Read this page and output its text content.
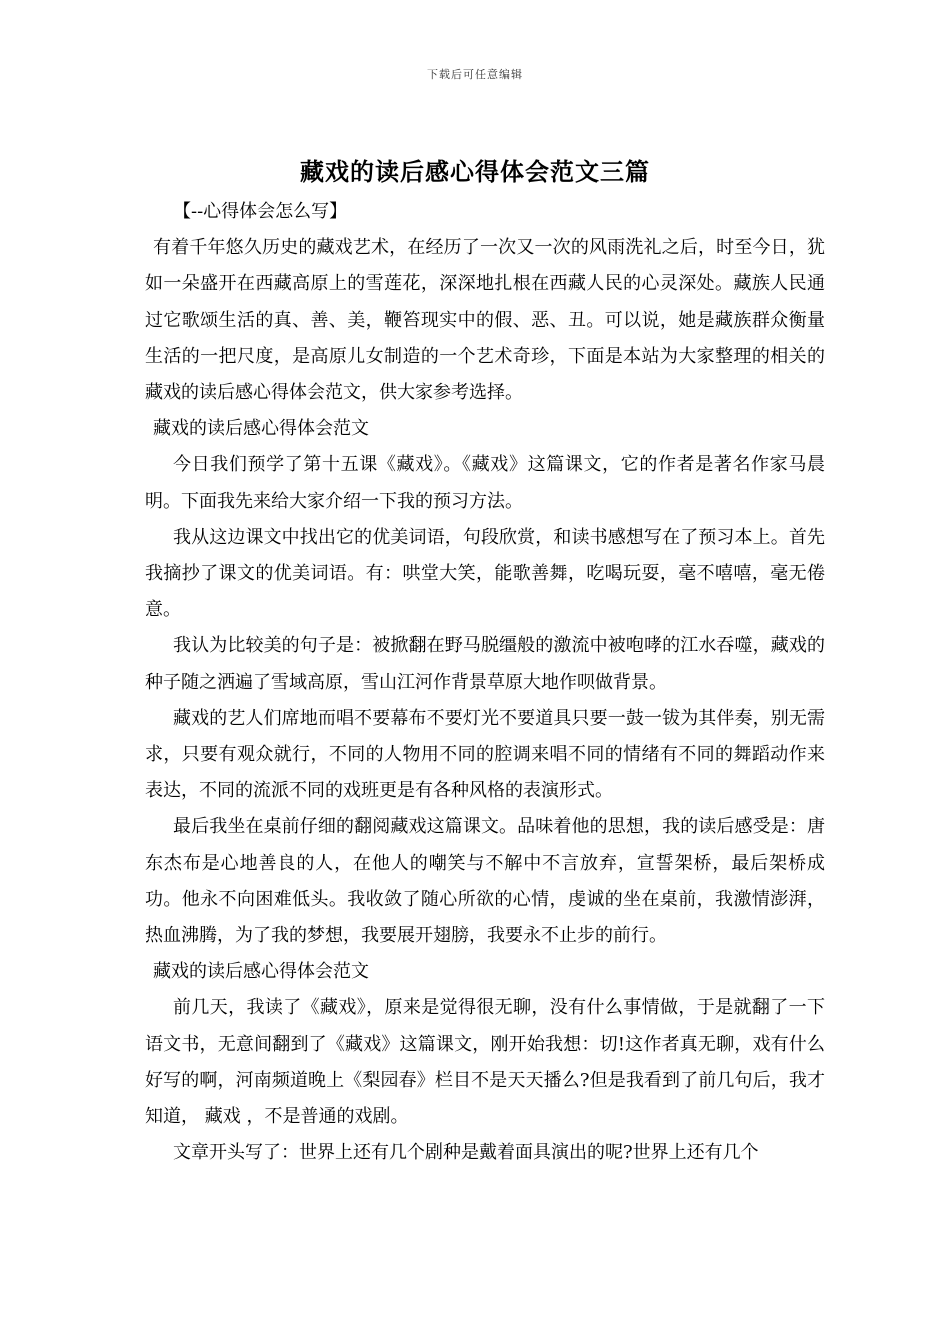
下载后可任意编辑
藏戏的读后感心得体会范文三篇

【--心得体会怎么写】

有着千年悠久历史的藏戏艺术，在经历了一次又一次的风雨洗礼之后，时至今日，犹如一朵盛开在西藏高原上的雪莲花，深深地扎根在西藏人民的心灵深处。藏族人民通过它歌颂生活的真、善、美，鞭笞现实中的假、恶、丑。可以说，她是藏族群众衡量生活的一把尺度，是高原儿女制造的一个艺术奇珍，下面是本站为大家整理的相关的藏戏的读后感心得体会范文，供大家参考选择。

藏戏的读后感心得体会范文

今日我们预学了第十五课《藏戏》。《藏戏》这篇课文，它的作者是著名作家马晨明。下面我先来给大家介绍一下我的预习方法。

我从这边课文中找出它的优美词语，句段欣赏，和读书感想写在了预习本上。首先我摘抄了课文的优美词语。有：哄堂大笑，能歌善舞，吃喝玩耍，毫不嘻嘻，毫无倦意。

我认为比较美的句子是：被掀翻在野马脱缰般的激流中被咆哮的江水吞噬，藏戏的种子随之洒遍了雪域高原，雪山江河作背景草原大地作呗做背景。

藏戏的艺人们席地而唱不要幕布不要灯光不要道具只要一鼓一钹为其伴奏，别无需求，只要有观众就行，不同的人物用不同的腔调来唱不同的情绪有不同的舞蹈动作来表达，不同的流派不同的戏班更是有各种风格的表演形式。

最后我坐在桌前仔细的翻阅藏戏这篇课文。品味着他的思想，我的读后感受是：唐东杰布是心地善良的人，在他人的嘲笑与不解中不言放弃，宣誓架桥，最后架桥成功。他永不向困难低头。我收敛了随心所欲的心情，虔诚的坐在桌前，我激情澎湃，热血沸腾，为了我的梦想，我要展开翅膀，我要永不止步的前行。

藏戏的读后感心得体会范文

前几天，我读了《藏戏》，原来是觉得很无聊，没有什么事情做，于是就翻了一下语文书，无意间翻到了《藏戏》这篇课文，刚开始我想：切!这作者真无聊，戏有什么好写的啊，河南频道晚上《梨园春》栏目不是天天播么?但是我看到了前几句后，我才知道， 藏戏 ，不是普通的戏剧。

文章开头写了：世界上还有几个剧种是戴着面具演出的呢?世界上还有几个
